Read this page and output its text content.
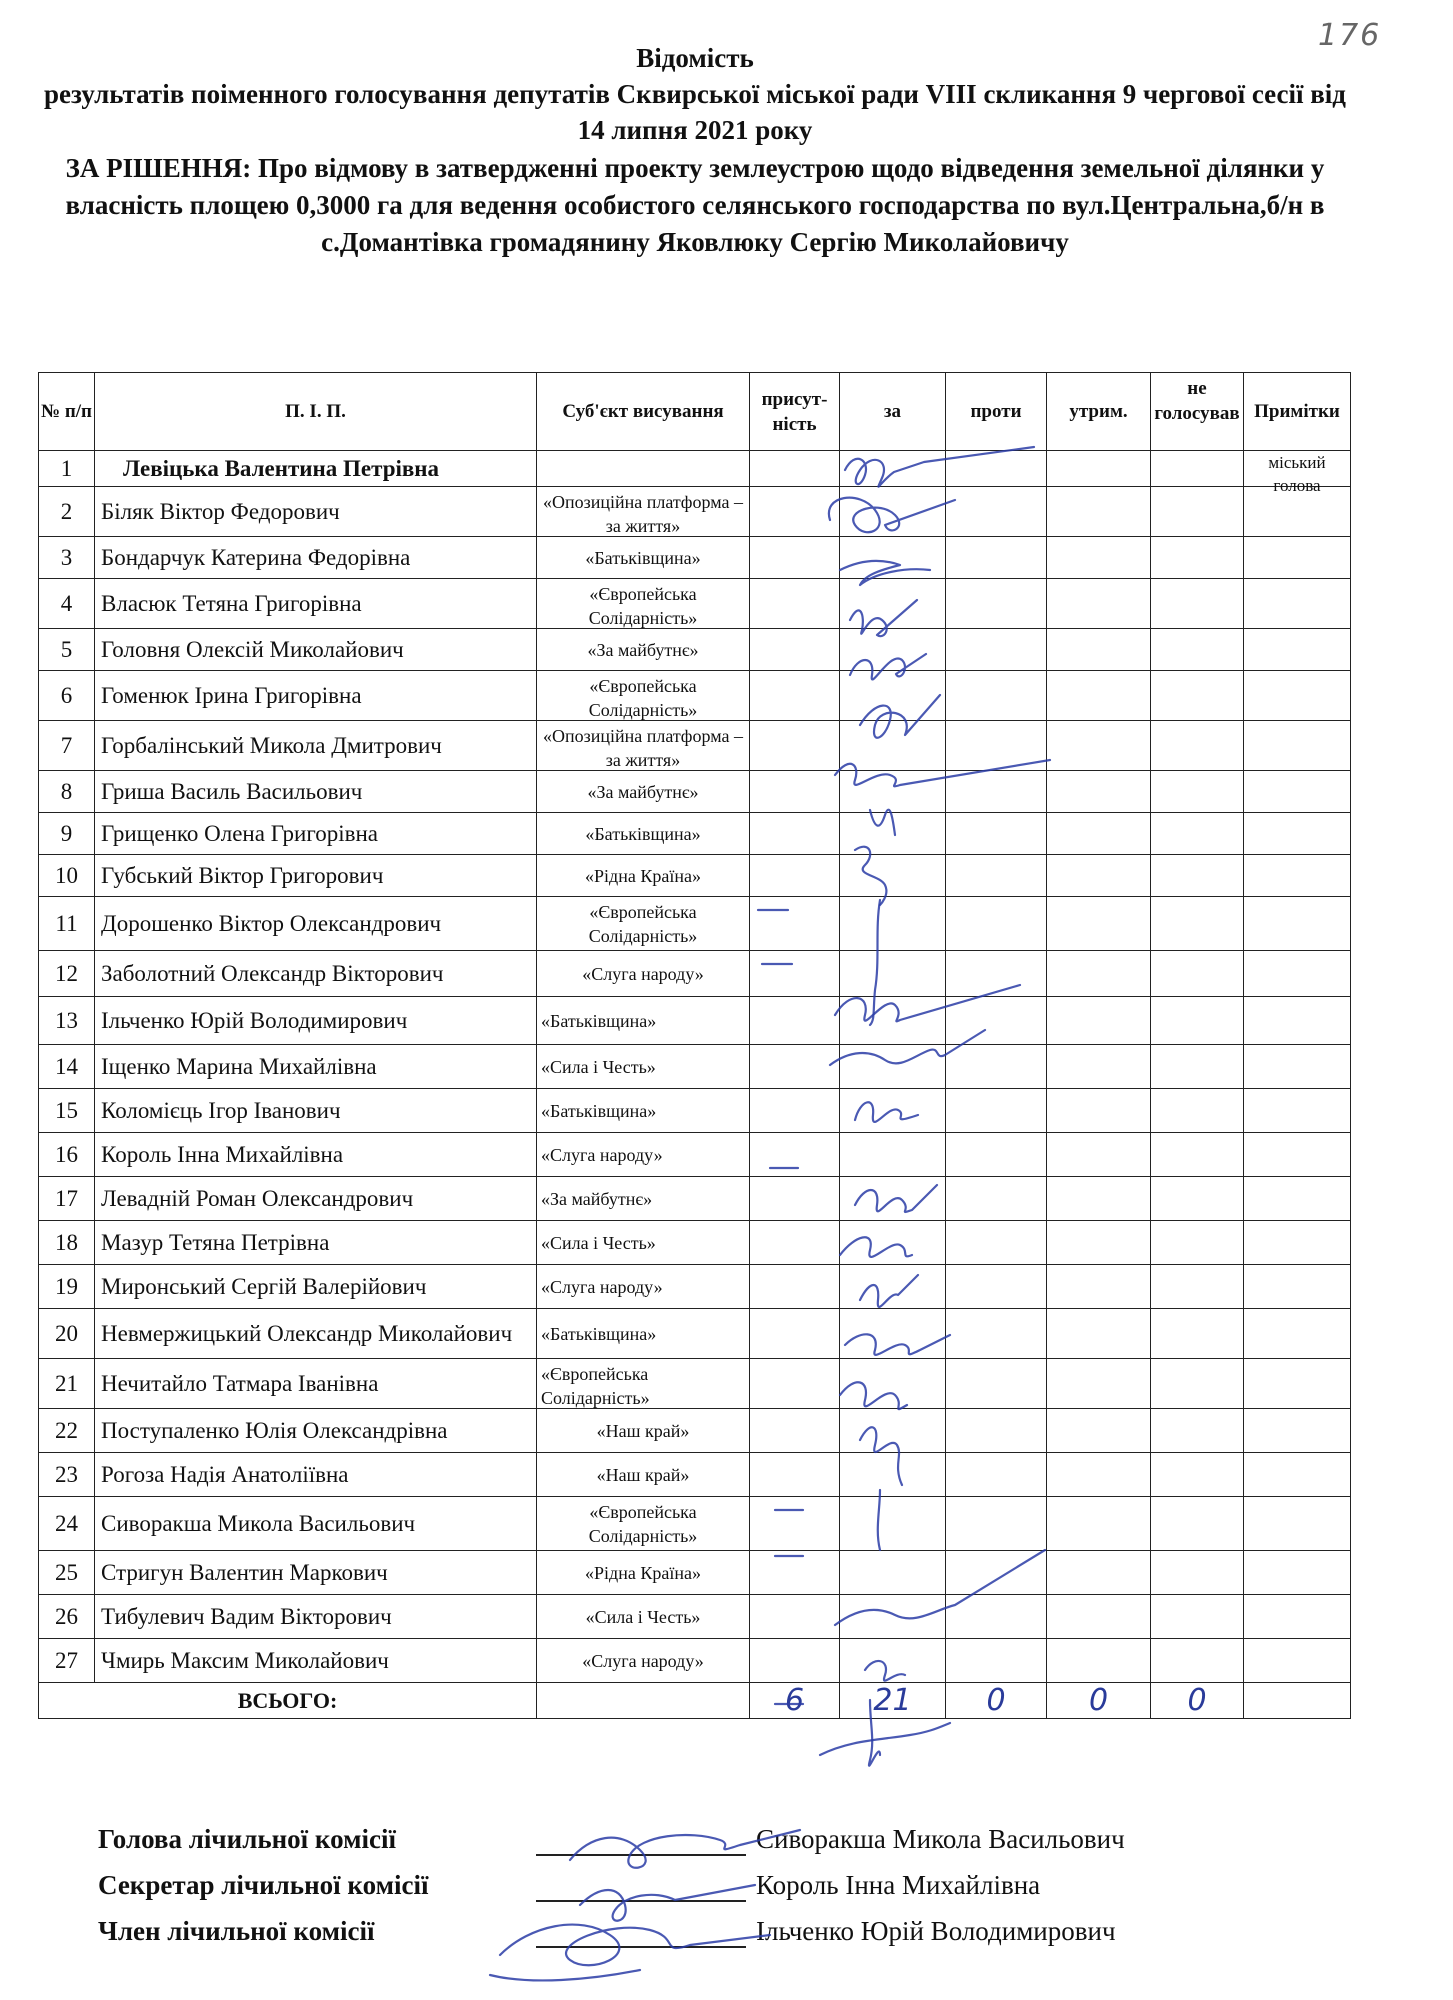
176
Відомість
результатів поіменного голосування депутатів Сквирської міської ради VIII скликання 9 чергової сесії від 14 липня 2021 року
ЗА РІШЕННЯ: Про відмову в затвердженні проекту землеустрою щодо відведення земельної ділянки у власність площею 0,3000 га для ведення особистого селянського господарства по вул.Центральна,б/н в с.Домантівка громадянину Яковлюку Сергію Миколайовичу
№ п/п	П. І. П.	Суб'єкт висування	присут-ність	за	проти	утрим.	не голосував	Примітки
1	Левіцька Валентина Петрівна							міський голова

2	Біляк Віктор Федорович	«Опозиційна платформа – за життя»						

3	Бондарчук Катерина Федорівна	«Батьківщина»						

4	Власюк Тетяна Григорівна	«Європейська Солідарність»						

5	Головня Олексій Миколайович	«За майбутнє»						

6	Гоменюк Ірина Григорівна	«Європейська Солідарність»						

7	Горбалінський Микола Дмитрович	«Опозиційна платформа – за життя»						

8	Гриша Василь Васильович	«За майбутнє»						

9	Грищенко Олена Григорівна	«Батьківщина»						

10	Губський Віктор Григорович	«Рідна Країна»

11	Дорошенко Віктор Олександрович	«Європейська Солідарність»

12	Заболотний Олександр Вікторович	«Слуга народу»						

13	Ільченко Юрій Володимирович	«Батьківщина»						

14	Іщенко Марина Михайлівна	«Сила і Честь»						

15	Коломієць Ігор Іванович	«Батьківщина»

16	Король Інна Михайлівна	«Слуга народу»						

17	Левадній Роман Олександрович	«За майбутнє»						

18	Мазур Тетяна Петрівна	«Сила і Честь»						

19	Миронський Сергій Валерійович	«Слуга народу»						

20	Невмержицький Олександр Миколайович	«Батьківщина»						

21	Нечитайло Татмара Іванівна	«Європейська Солідарність»						

22	Поступаленко Юлія Олександрівна	«Наш край»

23	Рогоза Надія Анатоліївна	«Наш край»

24	Сиворакша Микола Васильович	«Європейська Солідарність»						

25	Стригун Валентин Маркович	«Рідна Країна»						

26	Тибулевич Вадим Вікторович	«Сила і Честь»

27	Чмирь Максим Миколайович	«Слуга народу»						

ВСЬОГО:			6	21	0	0	0	
Голова лічильної комісії	Сиворакша Микола Васильович
Секретар лічильної комісії	Король Інна Михайлівна
Член лічильної комісії	Ільченко Юрій Володимирович
